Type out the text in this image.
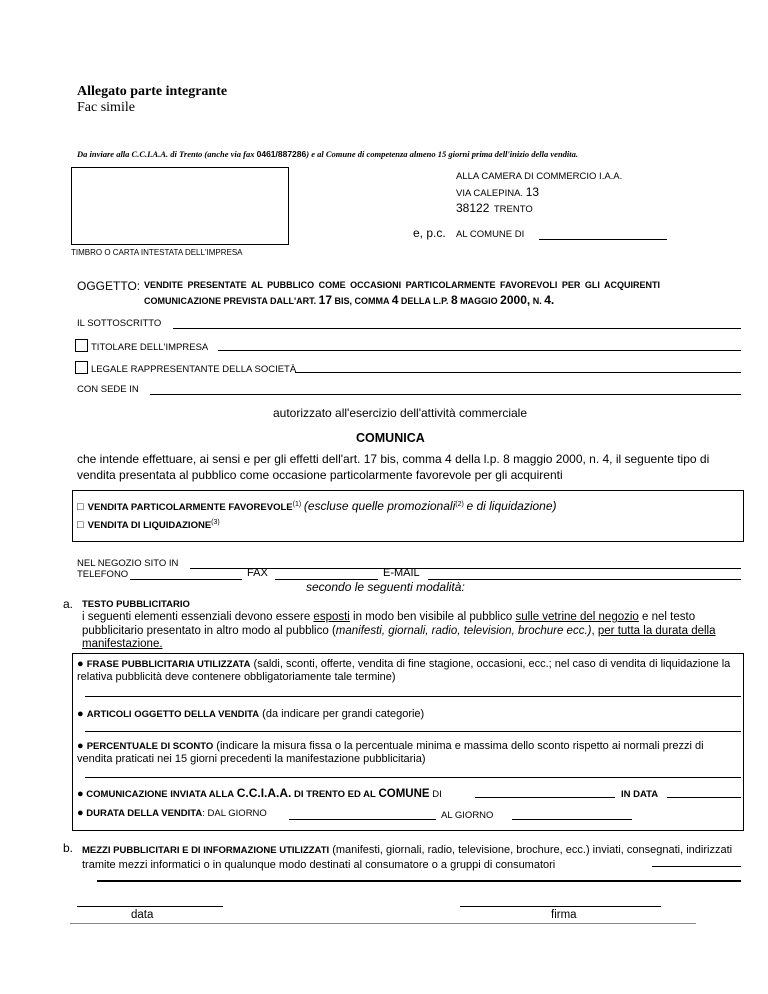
Allegato parte integrante
Fac simile
Da inviare alla C.C.I.A.A. di Trento (anche via fax 0461/887286) e al Comune di competenza almeno 15 giorni prima dell'inizio della vendita.
TIMBRO O CARTA INTESTATA DELL'IMPRESA
ALLA CAMERA DI COMMERCIO I.A.A.
VIA CALEPINA. 13
38122 TRENTO
e, p.c. AL COMUNE DI
OGGETTO: VENDITE PRESENTATE AL PUBBLICO COME OCCASIONI PARTICOLARMENTE FAVOREVOLI PER GLI ACQUIRENTI
COMUNICAZIONE PREVISTA DALL'ART. 17 BIS, COMMA 4 DELLA L.P. 8 MAGGIO 2000, N. 4.
IL SOTTOSCRITTO
TITOLARE DELL'IMPRESA
LEGALE RAPPRESENTANTE DELLA SOCIETÀ
CON SEDE IN
autorizzato all'esercizio dell'attività commerciale
COMUNICA
che intende effettuare, ai sensi e per gli effetti dell'art. 17 bis, comma 4 della l.p. 8 maggio 2000, n. 4, il seguente tipo di vendita presentata al pubblico come occasione particolarmente favorevole per gli acquirenti
□ VENDITA PARTICOLARMENTE FAVOREVOLE$^{(1)}$ (escluse quelle promozionali$^{(2)}$ e di liquidazione)
□ VENDITA DI LIQUIDAZIONE$^{(3)}$
NEL NEGOZIO SITO IN
TELEFONO	FAX	E-MAIL
secondo le seguenti modalità:
a. TESTO PUBBLICITARIO
i seguenti elementi essenziali devono essere esposti in modo ben visibile al pubblico sulle vetrine del negozio e nel testo pubblicitario presentato in altro modo al pubblico (manifesti, giornali, radio, television, brochure ecc.), per tutta la durata della manifestazione.
● FRASE PUBBLICITARIA UTILIZZATA (saldi, sconti, offerte, vendita di fine stagione, occasioni, ecc.; nel caso di vendita di liquidazione la relativa pubblicità deve contenere obbligatoriamente tale termine)
● ARTICOLI OGGETTO DELLA VENDITA (da indicare per grandi categorie)
● PERCENTUALE DI SCONTO (indicare la misura fissa o la percentuale minima e massima dello sconto rispetto ai normali prezzi di vendita praticati nei 15 giorni precedenti la manifestazione pubblicitaria)
● COMUNICAZIONE INVIATA ALLA C.C.I.A.A. DI TRENTO ED AL COMUNE DI	IN DATA
● DURATA DELLA VENDITA: DAL GIORNO	AL GIORNO
b. MEZZI PUBBLICITARI E DI INFORMAZIONE UTILIZZATI (manifesti, giornali, radio, televisione, brochure, ecc.) inviati, consegnati, indirizzati tramite mezzi informatici o in qualunque modo destinati al consumatore o a gruppi di consumatori
data	firma
